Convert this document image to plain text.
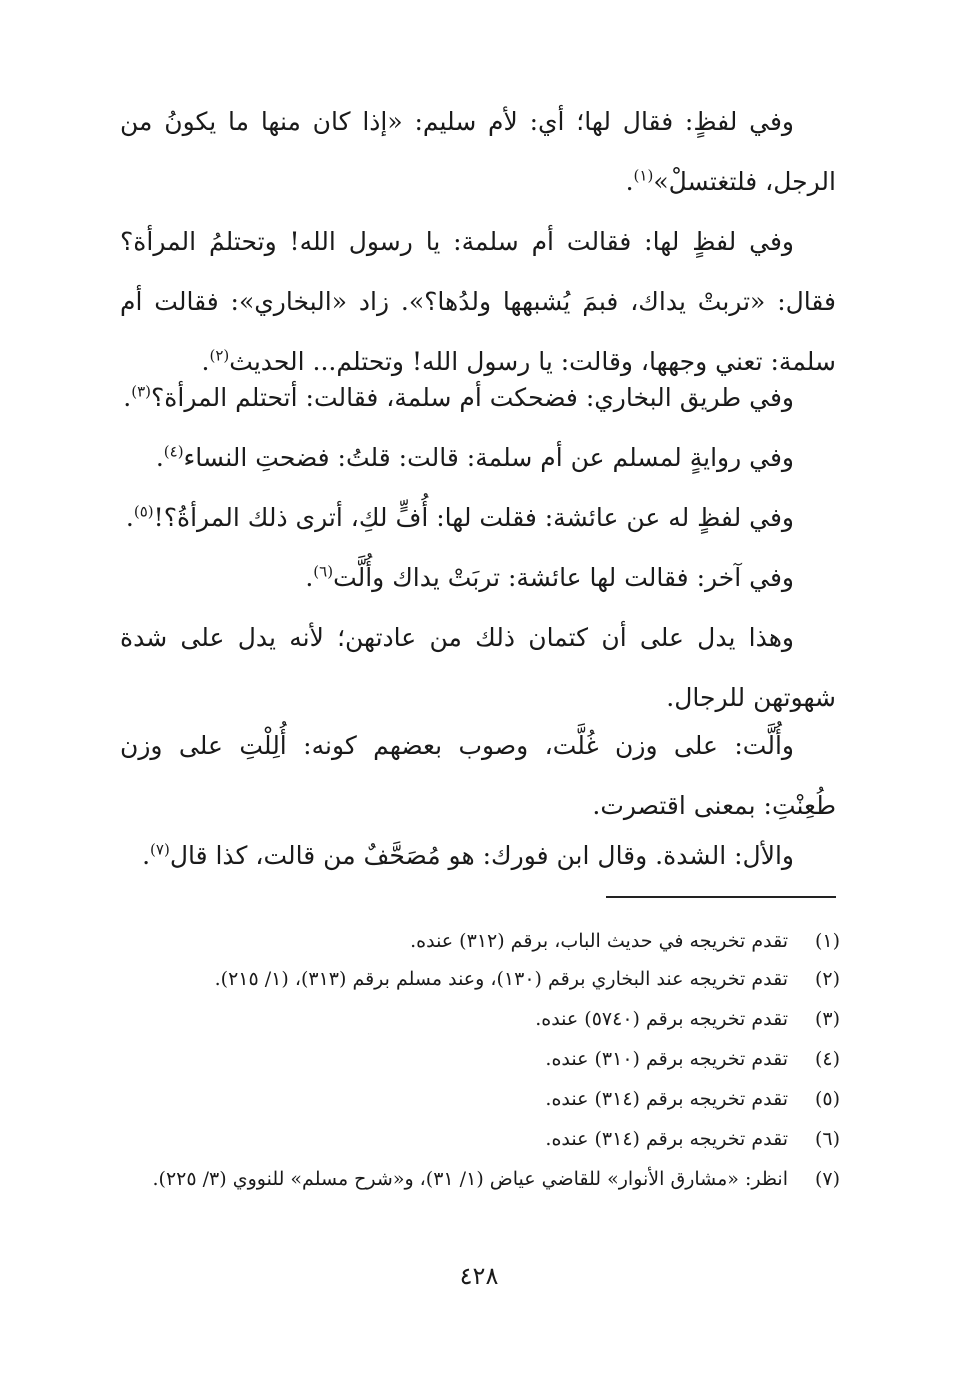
وفي لفظٍ: فقال لها؛ أي: لأم سليم: «إذا كان منها ما يكونُ من الرجل، فلتغتسلْ»$^{(١)}$.
وفي لفظٍ لها: فقالت أم سلمة: يا رسول الله! وتحتلمُ المرأة؟ فقال: «تربتْ يداك، فبمَ يُشبهها ولدُها؟». زاد «البخاري»: فقالت أم سلمة: تعني وجهها، وقالت: يا رسول الله! وتحتلم... الحديث$^{(٢)}$.
وفي طريق البخاري: فضحكت أم سلمة، فقالت: أتحتلم المرأة؟$^{(٣)}$.
وفي روايةٍ لمسلم عن أم سلمة: قالت: قلتُ: فضحتِ النساء$^{(٤)}$.
وفي لفظٍ له عن عائشة: فقلت لها: أُفٍّ لكِ، أترى ذلك المرأةُ؟!$^{(٥)}$.
وفي آخر: فقالت لها عائشة: تربَتْ يداك وأُلَّت$^{(٦)}$.
وهذا يدل على أن كتمان ذلك من عادتهن؛ لأنه يدل على شدة شهوتهن للرجال.
وأُلَّت: على وزن غُلَّت، وصوب بعضهم كونه: أُلِلْتِ على وزن طُعِنْتِ: بمعنى اقتصرت.
والأل: الشدة. وقال ابن فورك: هو مُصَحَّفٌ من قالت، كذا قال$^{(٧)}$.
(١)
تقدم تخريجه في حديث الباب، برقم (٣١٢) عنده.
(٢)
تقدم تخريجه عند البخاري برقم (١٣٠)، وعند مسلم برقم (٣١٣)، (١/ ٢١٥).
(٣)
تقدم تخريجه برقم (٥٧٤٠) عنده.
(٤)
تقدم تخريجه برقم (٣١٠) عنده.
(٥)
تقدم تخريجه برقم (٣١٤) عنده.
(٦)
تقدم تخريجه برقم (٣١٤) عنده.
(٧)
انظر: «مشارق الأنوار» للقاضي عياض (١/ ٣١)، و«شرح مسلم» للنووي (٣/ ٢٢٥).
٤٢٨
